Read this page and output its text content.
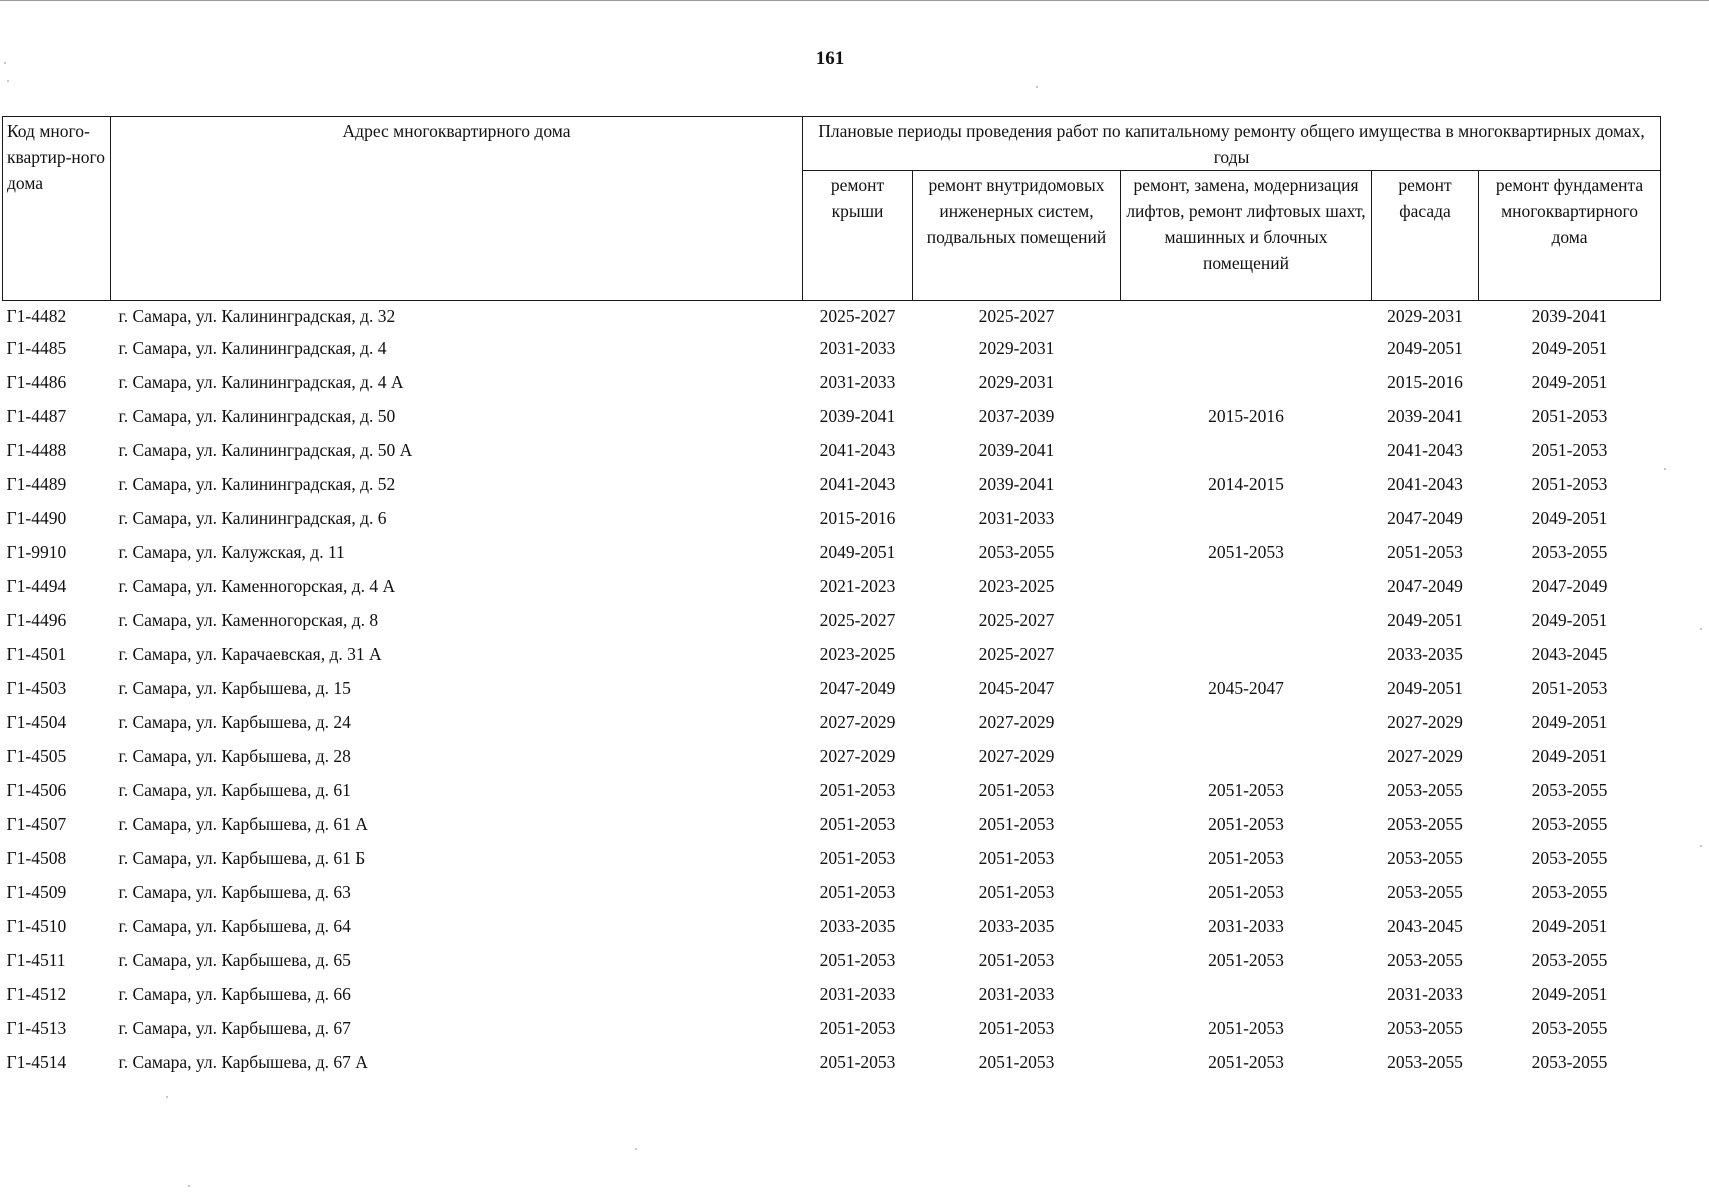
161
Код много-квартир-ного дома	Адрес многоквартирного дома	Плановые периоды проведения работ по капитальному ремонту общего имущества в многоквартирных домах, годы				
		ремонт крыши	ремонт внутридомовых инженерных систем, подвальных помещений	ремонт, замена, модернизация лифтов, ремонт лифтовых шахт, машинных и блочных помещений	ремонт фасада	ремонт фундамента многоквартирного дома
Г1-4482	г. Самара, ул. Калининградская, д. 32	2025-2027	2025-2027		2029-2031	2039-2041
Г1-4485	г. Самара, ул. Калининградская, д. 4	2031-2033	2029-2031		2049-2051	2049-2051
Г1-4486	г. Самара, ул. Калининградская, д. 4 А	2031-2033	2029-2031		2015-2016	2049-2051
Г1-4487	г. Самара, ул. Калининградская, д. 50	2039-2041	2037-2039	2015-2016	2039-2041	2051-2053
Г1-4488	г. Самара, ул. Калининградская, д. 50 А	2041-2043	2039-2041		2041-2043	2051-2053
Г1-4489	г. Самара, ул. Калининградская, д. 52	2041-2043	2039-2041	2014-2015	2041-2043	2051-2053
Г1-4490	г. Самара, ул. Калининградская, д. 6	2015-2016	2031-2033		2047-2049	2049-2051
Г1-9910	г. Самара, ул. Калужская, д. 11	2049-2051	2053-2055	2051-2053	2051-2053	2053-2055
Г1-4494	г. Самара, ул. Каменногорская, д. 4 А	2021-2023	2023-2025		2047-2049	2047-2049
Г1-4496	г. Самара, ул. Каменногорская, д. 8	2025-2027	2025-2027		2049-2051	2049-2051
Г1-4501	г. Самара, ул. Карачаевская, д. 31 А	2023-2025	2025-2027		2033-2035	2043-2045
Г1-4503	г. Самара, ул. Карбышева, д. 15	2047-2049	2045-2047	2045-2047	2049-2051	2051-2053
Г1-4504	г. Самара, ул. Карбышева, д. 24	2027-2029	2027-2029		2027-2029	2049-2051
Г1-4505	г. Самара, ул. Карбышева, д. 28	2027-2029	2027-2029		2027-2029	2049-2051
Г1-4506	г. Самара, ул. Карбышева, д. 61	2051-2053	2051-2053	2051-2053	2053-2055	2053-2055
Г1-4507	г. Самара, ул. Карбышева, д. 61 А	2051-2053	2051-2053	2051-2053	2053-2055	2053-2055
Г1-4508	г. Самара, ул. Карбышева, д. 61 Б	2051-2053	2051-2053	2051-2053	2053-2055	2053-2055
Г1-4509	г. Самара, ул. Карбышева, д. 63	2051-2053	2051-2053	2051-2053	2053-2055	2053-2055
Г1-4510	г. Самара, ул. Карбышева, д. 64	2033-2035	2033-2035	2031-2033	2043-2045	2049-2051
Г1-4511	г. Самара, ул. Карбышева, д. 65	2051-2053	2051-2053	2051-2053	2053-2055	2053-2055
Г1-4512	г. Самара, ул. Карбышева, д. 66	2031-2033	2031-2033		2031-2033	2049-2051
Г1-4513	г. Самара, ул. Карбышева, д. 67	2051-2053	2051-2053	2051-2053	2053-2055	2053-2055
Г1-4514	г. Самара, ул. Карбышева, д. 67 А	2051-2053	2051-2053	2051-2053	2053-2055	2053-2055
